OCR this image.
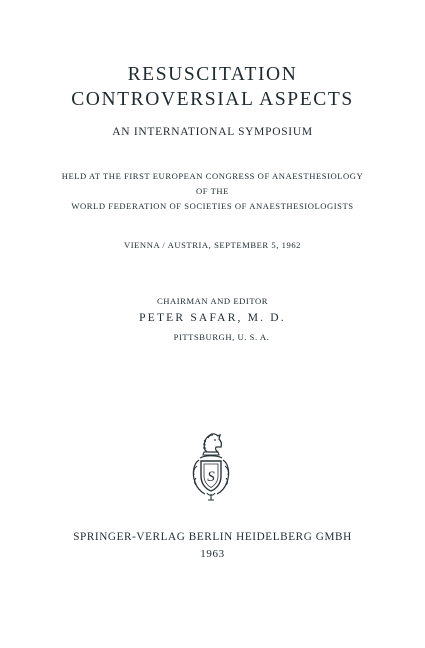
RESUSCITATION
CONTROVERSIAL ASPECTS
AN INTERNATIONAL SYMPOSIUM
HELD AT THE FIRST EUROPEAN CONGRESS OF ANAESTHESIOLOGY
OF THE
WORLD FEDERATION OF SOCIETIES OF ANAESTHESIOLOGISTS
VIENNA / AUSTRIA, SEPTEMBER 5, 1962
CHAIRMAN AND EDITOR
PETER SAFAR, M. D.
PITTSBURGH, U. S. A.
S
SPRINGER-VERLAG BERLIN HEIDELBERG GMBH
1963
